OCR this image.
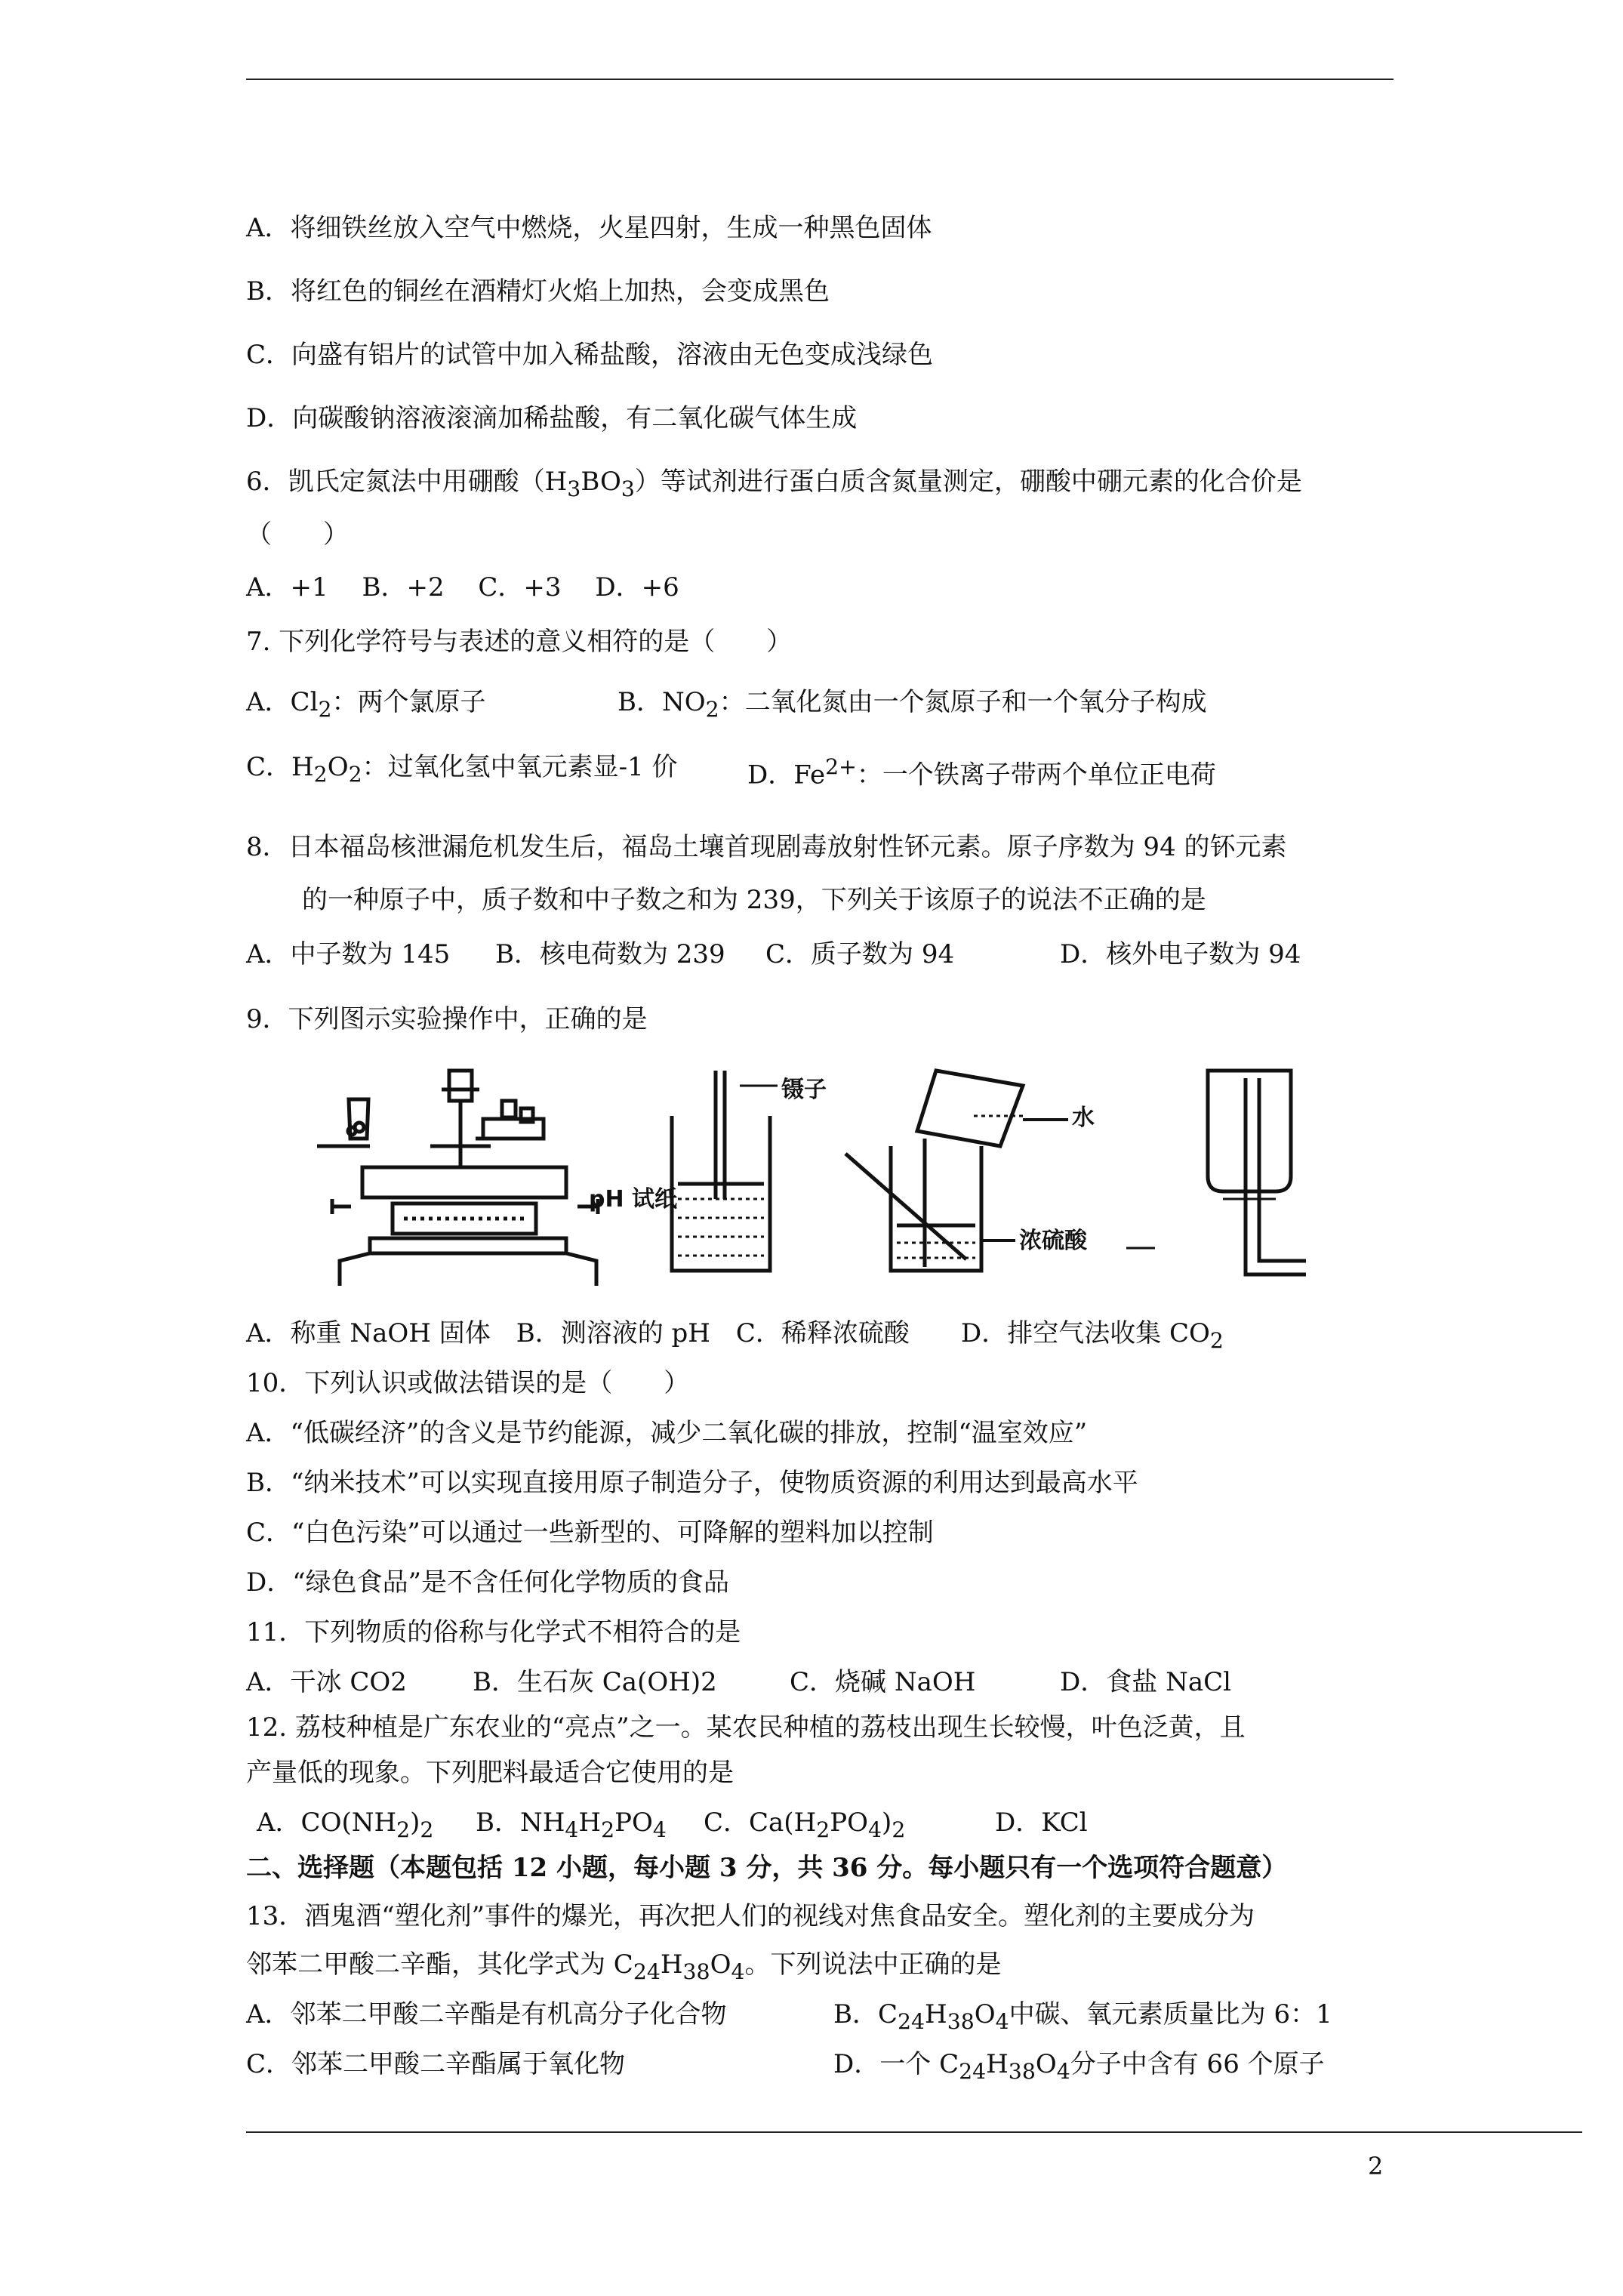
A．将细铁丝放入空气中燃烧，火星四射，生成一种黑色固体
B．将红色的铜丝在酒精灯火焰上加热，会变成黑色
C．向盛有铝片的试管中加入稀盐酸，溶液由无色变成浅绿色
D．向碳酸钠溶液滚滴加稀盐酸，有二氧化碳气体生成
6．凯氏定氮法中用硼酸$(H_3BO_3)$等试剂进行蛋白质含氮量测定，硼酸中硼元素的化合价是
（　　）
A．+1　 B．+2　 C．+3　 D．+6
7. 下列化学符号与表述的意义相符的是（　　）
A．$Cl_2$：两个氯原子	B．$NO_2$：二氧化氮由一个氮原子和一个氧分子构成
C．$H_2O_2$：过氧化氢中氧元素显-1 价	D．$Fe^{2+}$：一个铁离子带两个单位正电荷
8．日本福岛核泄漏危机发生后，福岛土壤首现剧毒放射性钚元素。原子序数为 94 的钚元素
的一种原子中，质子数和中子数之和为 239，下列关于该原子的说法不正确的是
A．中子数为 145 B．核电荷数为 239 C．质子数为 94	D．核外电子数为 94
9．下列图示实验操作中，正确的是
pH 试纸
镊子
水
浓硫酸
A．称重 NaOH 固体　B．测溶液的 pH　C．稀释浓硫酸　　D．排空气法收集 $CO_2$
10．下列认识或做法错误的是（　　）
A．“低碳经济”的含义是节约能源，减少二氧化碳的排放，控制“温室效应”
B．“纳米技术”可以实现直接用原子制造分子，使物质资源的利用达到最高水平
C．“白色污染”可以通过一些新型的、可降解的塑料加以控制
D．“绿色食品”是不含任何化学物质的食品
11．下列物质的俗称与化学式不相符合的是
A．干冰 CO2	B．生石灰 Ca(OH)2	C．烧碱 NaOH	D．食盐 NaCl
12. 荔枝种植是广东农业的“亮点”之一。某农民种植的荔枝出现生长较慢，叶色泛黄，且
产量低的现象。下列肥料最适合它使用的是
A．$CO(NH_2)_2$ B．$NH_4H_2PO_4$ C．$Ca(H_2PO_4)_2$	D．KCl
二、选择题（本题包括 12 小题，每小题 3 分，共 36 分。每小题只有一个选项符合题意）
13．酒鬼酒“塑化剂”事件的爆光，再次把人们的视线对焦食品安全。塑化剂的主要成分为
邻苯二甲酸二辛酯，其化学式为 $C_{24}H_{38}O_4$。下列说法中正确的是
A．邻苯二甲酸二辛酯是有机高分子化合物	B．$C_{24}H_{38}O_4$中碳、氧元素质量比为 6：1
C．邻苯二甲酸二辛酯属于氧化物	D．一个 $C_{24}H_{38}O_4$分子中含有 66 个原子
2
